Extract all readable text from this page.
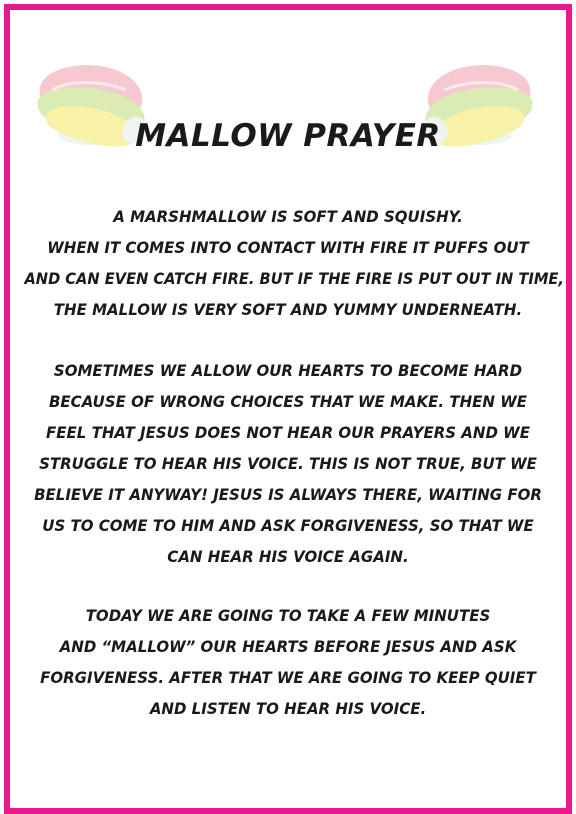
MALLOW PRAYER
A MARSHMALLOW IS SOFT AND SQUISHY.
WHEN IT COMES INTO CONTACT WITH FIRE IT PUFFS OUT
AND CAN EVEN CATCH FIRE. BUT IF THE FIRE IS PUT OUT IN TIME,
THE MALLOW IS VERY SOFT AND YUMMY UNDERNEATH.
SOMETIMES WE ALLOW OUR HEARTS TO BECOME HARD
BECAUSE OF WRONG CHOICES THAT WE MAKE. THEN WE
FEEL THAT JESUS DOES NOT HEAR OUR PRAYERS AND WE
STRUGGLE TO HEAR HIS VOICE. THIS IS NOT TRUE, BUT WE
BELIEVE IT ANYWAY! JESUS IS ALWAYS THERE, WAITING FOR
US TO COME TO HIM AND ASK FORGIVENESS, SO THAT WE
CAN HEAR HIS VOICE AGAIN.
TODAY WE ARE GOING TO TAKE A FEW MINUTES
AND “MALLOW” OUR HEARTS BEFORE JESUS AND ASK
FORGIVENESS. AFTER THAT WE ARE GOING TO KEEP QUIET
AND LISTEN TO HEAR HIS VOICE.
